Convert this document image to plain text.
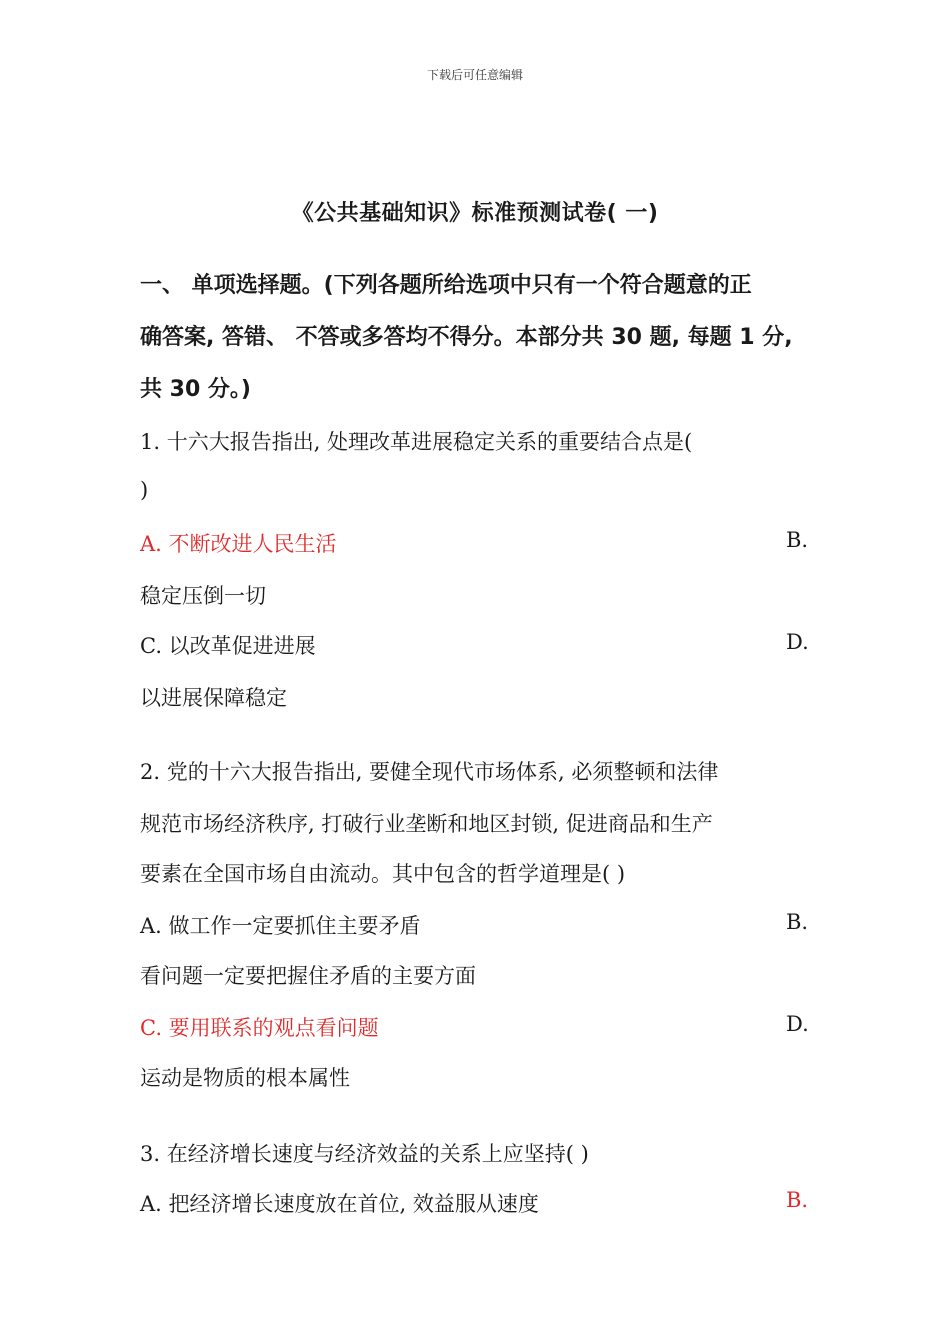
下载后可任意编辑
《公共基础知识》标准预测试卷( 一)
一、 单项选择题。(下列各题所给选项中只有一个符合题意的正
确答案, 答错、 不答或多答均不得分。本部分共 30 题, 每题 1 分,
共 30 分。)
1. 十六大报告指出, 处理改革进展稳定关系的重要结合点是(
)
A. 不断改进人民生活	B.
稳定压倒一切
C. 以改革促进进展	D.
以进展保障稳定
2. 党的十六大报告指出, 要健全现代市场体系, 必须整顿和法律
规范市场经济秩序, 打破行业垄断和地区封锁, 促进商品和生产
要素在全国市场自由流动。其中包含的哲学道理是( )
A. 做工作一定要抓住主要矛盾	B.
看问题一定要把握住矛盾的主要方面
C. 要用联系的观点看问题	D.
运动是物质的根本属性
3. 在经济增长速度与经济效益的关系上应坚持( )
A. 把经济增长速度放在首位, 效益服从速度	B.
